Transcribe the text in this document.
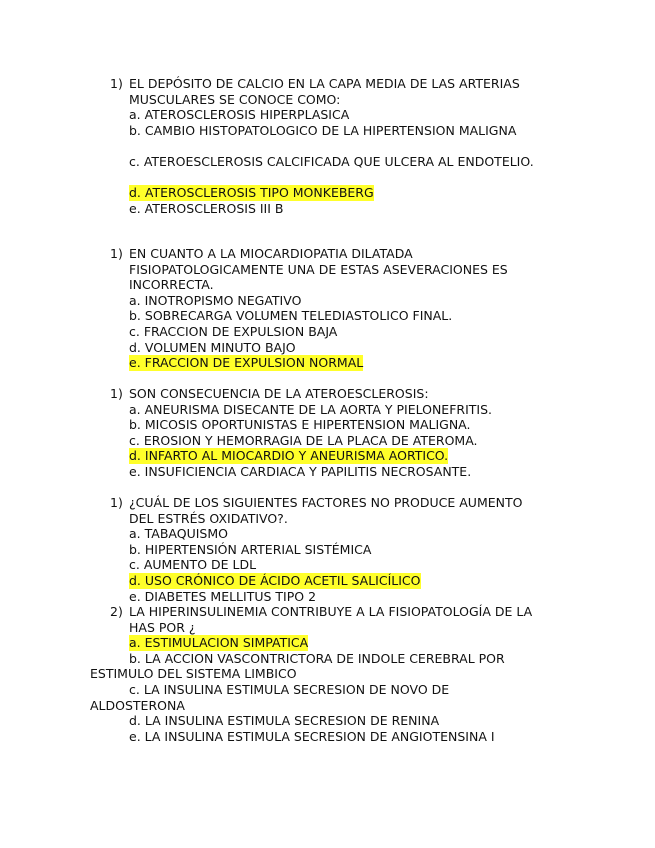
1) EL DEPÓSITO DE CALCIO EN LA CAPA MEDIA DE LAS ARTERIAS
MUSCULARES SE CONOCE COMO:
a. ATEROSCLEROSIS HIPERPLASICA
b. CAMBIO HISTOPATOLOGICO DE LA HIPERTENSION MALIGNA
c. ATEROESCLEROSIS CALCIFICADA QUE ULCERA AL ENDOTELIO.
d. ATEROSCLEROSIS TIPO MONKEBERG
e. ATEROSCLEROSIS III B
1) EN CUANTO A LA MIOCARDIOPATIA DILATADA
FISIOPATOLOGICAMENTE UNA DE ESTAS ASEVERACIONES ES
INCORRECTA.
a. INOTROPISMO NEGATIVO
b. SOBRECARGA VOLUMEN TELEDIASTOLICO FINAL.
c. FRACCION DE EXPULSION BAJA
d. VOLUMEN MINUTO BAJO
e. FRACCION DE EXPULSION NORMAL
1) SON CONSECUENCIA DE LA ATEROESCLEROSIS:
a. ANEURISMA DISECANTE DE LA AORTA Y PIELONEFRITIS.
b. MICOSIS OPORTUNISTAS E HIPERTENSION MALIGNA.
c. EROSION Y HEMORRAGIA DE LA PLACA DE ATEROMA.
d. INFARTO AL MIOCARDIO Y ANEURISMA AORTICO.
e. INSUFICIENCIA CARDIACA Y PAPILITIS NECROSANTE.
1) ¿CUÁL DE LOS SIGUIENTES FACTORES NO PRODUCE AUMENTO
DEL ESTRÉS OXIDATIVO?.
a. TABAQUISMO
b. HIPERTENSIÓN ARTERIAL SISTÉMICA
c. AUMENTO DE LDL
d. USO CRÓNICO DE ÁCIDO ACETIL SALICÍLICO
e. DIABETES MELLITUS TIPO 2
2) LA HIPERINSULINEMIA CONTRIBUYE A LA FISIOPATOLOGÍA DE LA
HAS POR ¿
a. ESTIMULACION SIMPATICA
b. LA ACCION VASCONTRICTORA DE INDOLE CEREBRAL POR
ESTIMULO DEL SISTEMA LIMBICO
c. LA INSULINA ESTIMULA SECRESION DE NOVO DE
ALDOSTERONA
d. LA INSULINA ESTIMULA SECRESION DE RENINA
e. LA INSULINA ESTIMULA SECRESION DE ANGIOTENSINA I
